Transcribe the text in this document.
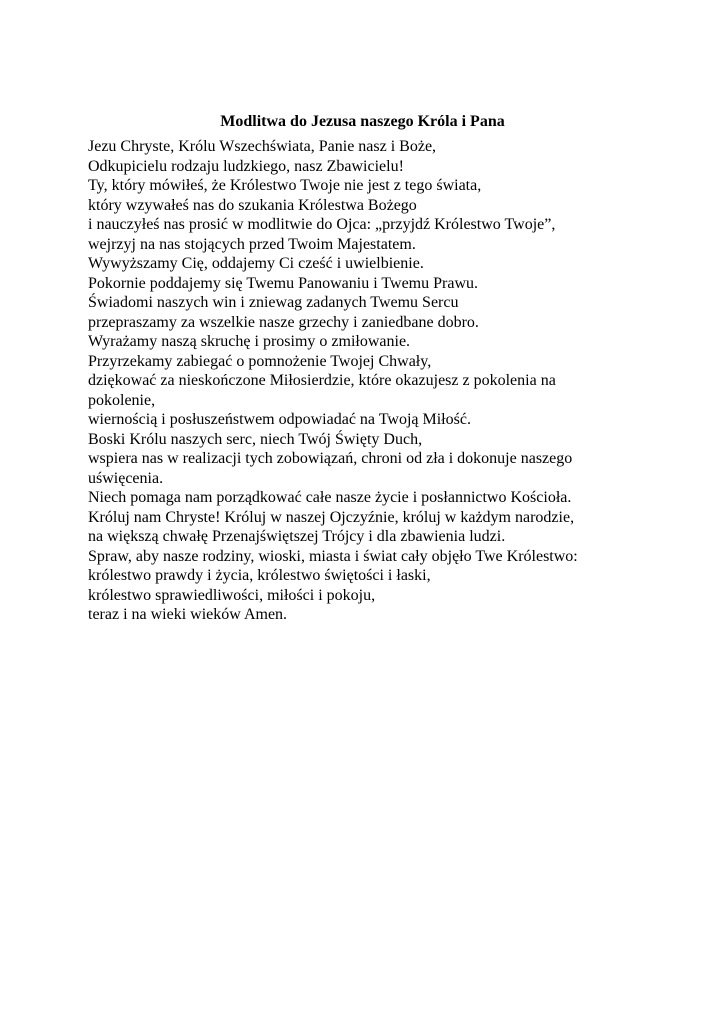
Modlitwa do Jezusa naszego Króla i Pana
Jezu Chryste, Królu Wszechświata, Panie nasz i Boże,
Odkupicielu rodzaju ludzkiego, nasz Zbawicielu!
Ty, który mówiłeś, że Królestwo Twoje nie jest z tego świata,
który wzywałeś nas do szukania Królestwa Bożego
i nauczyłeś nas prosić w modlitwie do Ojca: „przyjdź Królestwo Twoje”,
wejrzyj na nas stojących przed Twoim Majestatem.
Wywyższamy Cię, oddajemy Ci cześć i uwielbienie.
Pokornie poddajemy się Twemu Panowaniu i Twemu Prawu.
Świadomi naszych win i zniewag zadanych Twemu Sercu
przepraszamy za wszelkie nasze grzechy i zaniedbane dobro.
Wyrażamy naszą skruchę i prosimy o zmiłowanie.
Przyrzekamy zabiegać o pomnożenie Twojej Chwały,
dziękować za nieskończone Miłosierdzie, które okazujesz z pokolenia na
pokolenie,
wiernością i posłuszeństwem odpowiadać na Twoją Miłość.
Boski Królu naszych serc, niech Twój Święty Duch,
wspiera nas w realizacji tych zobowiązań, chroni od zła i dokonuje naszego
uświęcenia.
Niech pomaga nam porządkować całe nasze życie i posłannictwo Kościoła.
Króluj nam Chryste! Króluj w naszej Ojczyźnie, króluj w każdym narodzie,
na większą chwałę Przenajświętszej Trójcy i dla zbawienia ludzi.
Spraw, aby nasze rodziny, wioski, miasta i świat cały objęło Twe Królestwo:
królestwo prawdy i życia, królestwo świętości i łaski,
królestwo sprawiedliwości, miłości i pokoju,
teraz i na wieki wieków Amen.
